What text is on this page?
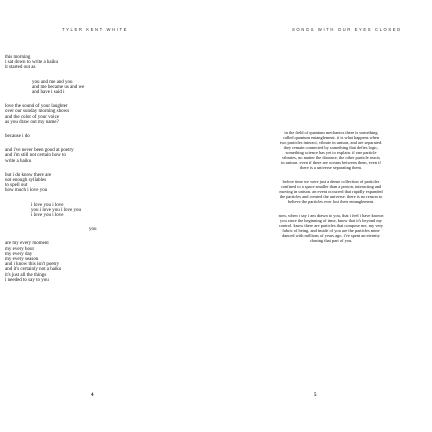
TYLER KENT WHITE
this morning
i sat down to write a haiku
it started out as
you and me and you
and me became us and we
and have i said i
love the sound of your laughter
over our sunday morning shows
and the color of your voice
as you draw out my name?
because i do
and i've never been good at poetry
and i'm still not certain how to
write a haiku
but i do know there are
not enough syllables
to spell out
how much i love you
i love you i love
you i love you i love you
i love you i love
you
are my every moment
my every hour
my every day
my every season
and i know this isn't poetry
and it's certainly not a haiku
it's just all the things
i needed to say to you
4
SONGS WITH OUR EYES CLOSED
in the field of quantum mechanics there is something
called quantum entanglement. it is what happens when
two particles interact, vibrate in unison, and are separated.
they remain connected by something that defies logic,
something science has yet to explain. if one particle
vibrates, no matter the distance, the other particle reacts
in unison. even if there are oceans between them, even if
there is a universe separating them.
before time we were just a dense collection of particles
confined to a space smaller than a proton, interacting and
moving in unison. an event occurred that rapidly expanded
the particles and created the universe. there is no reason to
believe the particles ever lost their entanglement.
now, when i say i am drawn to you, that i feel i have known
you since the beginning of time, know that it's beyond my
control. know there are particles that compose me, my very
fabric of being, and inside of you are the particles mine
danced with millions of years ago. i've spent an eternity
chasing that part of you.
5
